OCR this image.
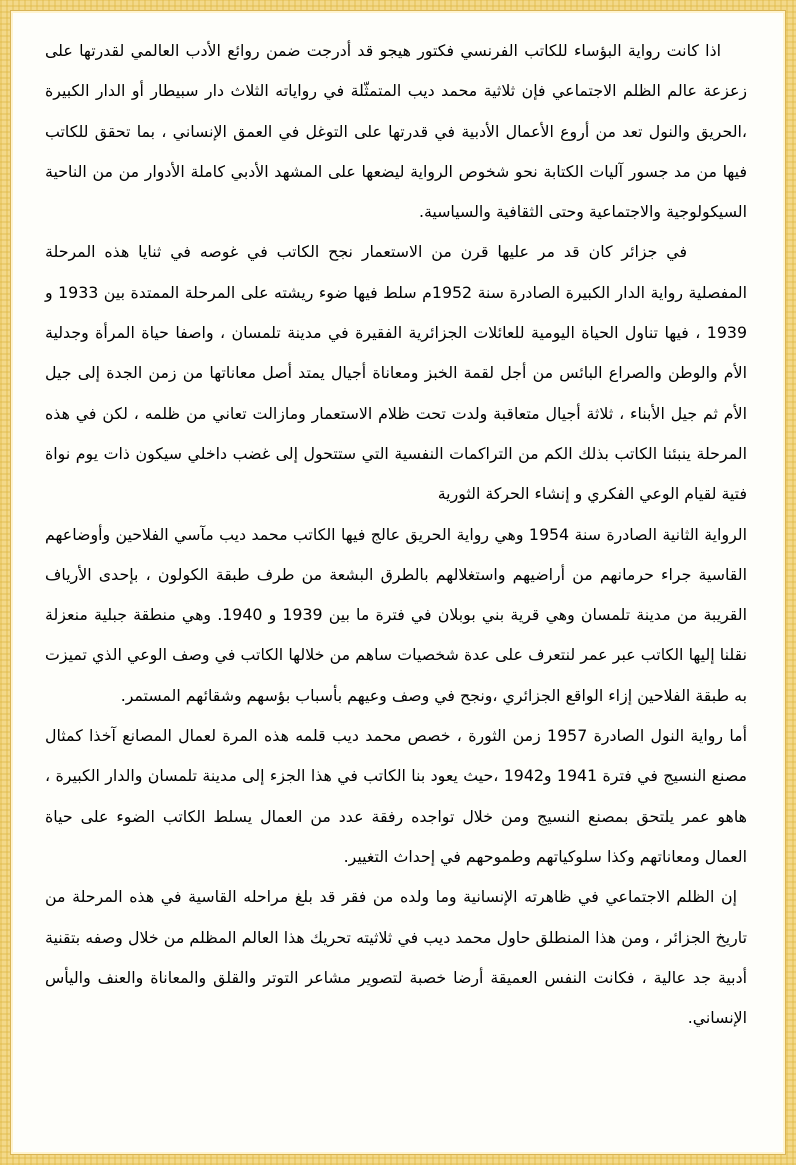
اذا كانت رواية البؤساء للكاتب الفرنسي فكتور هيجو قد أدرجت ضمن روائع الأدب العالمي لقدرتها على زعزعة عالم الظلم الاجتماعي فإن ثلاثية محمد ديب المتمثّلة في رواياته الثلاث دار سبيطار أو الدار الكبيرة ،الحريق والنول تعد من أروع الأعمال الأدبية في قدرتها على التوغل في العمق الإنساني ، بما تحقق للكاتب فيها من مد جسور آليات الكتابة نحو شخوص الرواية ليضعها على المشهد الأدبي كاملة الأدوار من من الناحية السيكولوجية والاجتماعية وحتى الثقافية والسياسية.

في جزائر كان قد مر عليها قرن من الاستعمار نجح الكاتب في غوصه في ثنايا هذه المرحلة المفصلية رواية الدار الكبيرة الصادرة سنة 1952م سلط فيها ضوء ريشته على المرحلة الممتدة بين 1933 و 1939 ، فيها تناول الحياة اليومية للعائلات الجزائرية الفقيرة في مدينة تلمسان ، واصفا حياة المرأة وجدلية الأم والوطن والصراع البائس من أجل لقمة الخبز ومعاناة أجيال يمتد أصل معاناتها من زمن الجدة إلى جيل الأم ثم جيل الأبناء ، ثلاثة أجيال متعاقبة ولدت تحت ظلام الاستعمار ومازالت تعاني من ظلمه ، لكن في هذه المرحلة ينبئنا الكاتب بذلك الكم من التراكمات النفسية التي ستتحول إلى غضب داخلي سيكون ذات يوم نواة فتية لقيام الوعي الفكري و إنشاء الحركة الثورية

الرواية الثانية الصادرة سنة 1954 وهي رواية الحريق عالج فيها الكاتب محمد ديب مآسي الفلاحين وأوضاعهم القاسية جراء حرمانهم من أراضيهم واستغلالهم بالطرق البشعة من طرف طبقة الكولون ، بإحدى الأرياف القريبة من مدينة تلمسان وهي قرية بني بوبلان في فترة ما بين 1939 و 1940. وهي منطقة جبلية منعزلة نقلنا إليها الكاتب عبر عمر لنتعرف على عدة شخصيات ساهم من خلالها الكاتب في وصف الوعي الذي تميزت به طبقة الفلاحين إزاء الواقع الجزائري ،ونجح في وصف وعيهم بأسباب بؤسهم وشقائهم المستمر.

أما رواية النول الصادرة 1957 زمن الثورة ، خصص محمد ديب قلمه هذه المرة لعمال المصانع آخذا كمثال مصنع النسيج في فترة 1941 و1942 ،حيث يعود بنا الكاتب في هذا الجزء إلى مدينة تلمسان والدار الكبيرة ، هاهو عمر يلتحق بمصنع النسيج ومن خلال تواجده رفقة عدد من العمال يسلط الكاتب الضوء على حياة العمال ومعاناتهم وكذا سلوكياتهم وطموحهم في إحداث التغيير.

إن الظلم الاجتماعي في ظاهرته الإنسانية وما ولده من فقر قد بلغ مراحله القاسية في هذه المرحلة من تاريخ الجزائر ، ومن هذا المنطلق حاول محمد ديب في ثلاثيته تحريك هذا العالم المظلم من خلال وصفه بتقنية أدبية جد عالية ، فكانت النفس العميقة أرضا خصبة لتصوير مشاعر التوتر والقلق والمعاناة والعنف واليأس الإنساني.
